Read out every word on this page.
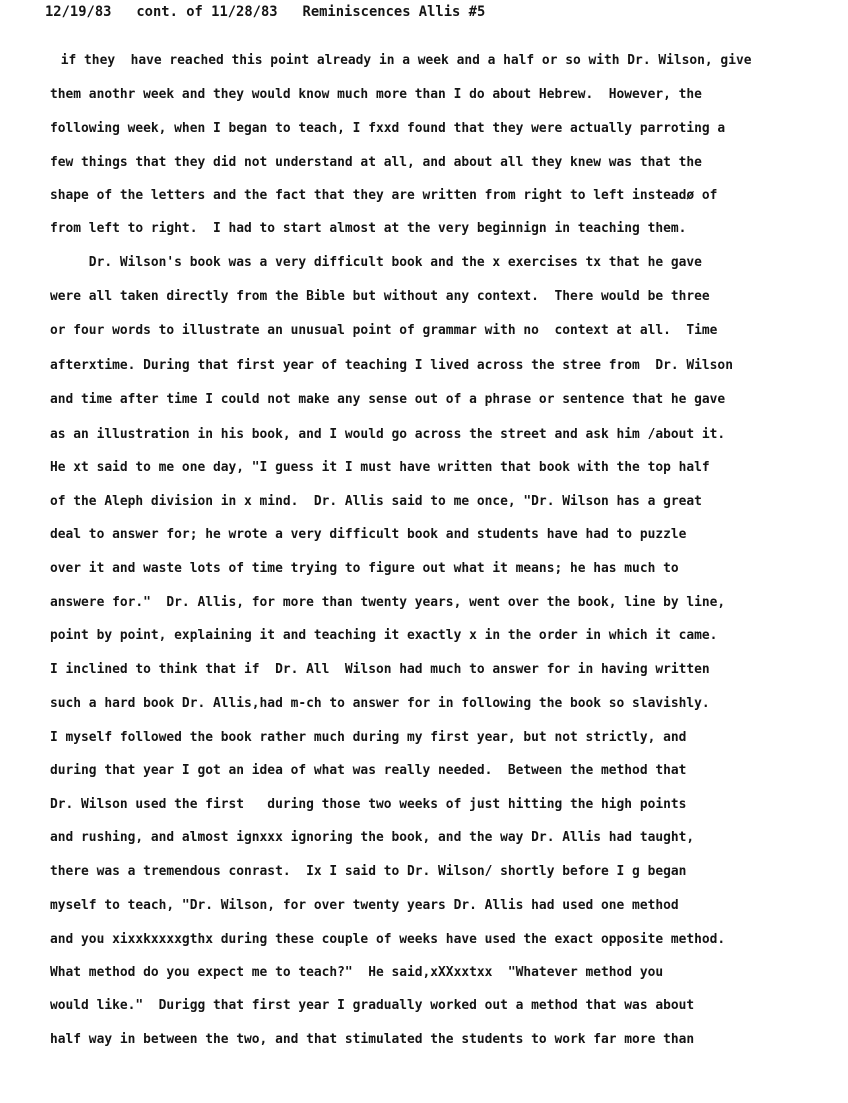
12/19/83 cont. of 11/28/83 Reminiscences Allis #5
if they  have reached this point already in a week and a half or so with Dr. Wilson, give
them anothr week and they would know much more than I do about Hebrew.  However, the
following week, when I began to teach, I fxxd found that they were actually parroting a
few things that they did not understand at all, and about all they knew was that the
shape of the letters and the fact that they are written from right to left insteadø of
from left to right.  I had to start almost at the very beginnign in teaching them.
Dr. Wilson's book was a very difficult book and the x exercises tx that he gave
were all taken directly from the Bible but without any context.  There would be three
or four words to illustrate an unusual point of grammar with no  context at all.  Time
afterxtime. During that first year of teaching I lived across the stree from  Dr. Wilson
and time after time I could not make any sense out of a phrase or sentence that he gave
as an illustration in his book, and I would go across the street and ask him /about it.
He xt said to me one day, "I guess it I must have written that book with the top half
of the Aleph division in x mind.  Dr. Allis said to me once, "Dr. Wilson has a great
deal to answer for; he wrote a very difficult book and students have had to puzzle
over it and waste lots of time trying to figure out what it means; he has much to
answere for."  Dr. Allis, for more than twenty years, went over the book, line by line,
point by point, explaining it and teaching it exactly x in the order in which it came.
I inclined to think that if  Dr. All  Wilson had much to answer for in having written
such a hard book Dr. Allis,had m-ch to answer for in following the book so slavishly.
I myself followed the book rather much during my first year, but not strictly, and
during that year I got an idea of what was really needed.  Between the method that
Dr. Wilson used the first   during those two weeks of just hitting the high points
and rushing, and almost ignxxx ignoring the book, and the way Dr. Allis had taught,
there was a tremendous conrast.  Ix I said to Dr. Wilson/ shortly before I g began
myself to teach, "Dr. Wilson, for over twenty years Dr. Allis had used one method
and you xixxkxxxxgthx during these couple of weeks have used the exact opposite method.
What method do you expect me to teach?"  He said,xXXxxtxx  "Whatever method you
would like."  Durigg that first year I gradually worked out a method that was about
half way in between the two, and that stimulated the students to work far more than
